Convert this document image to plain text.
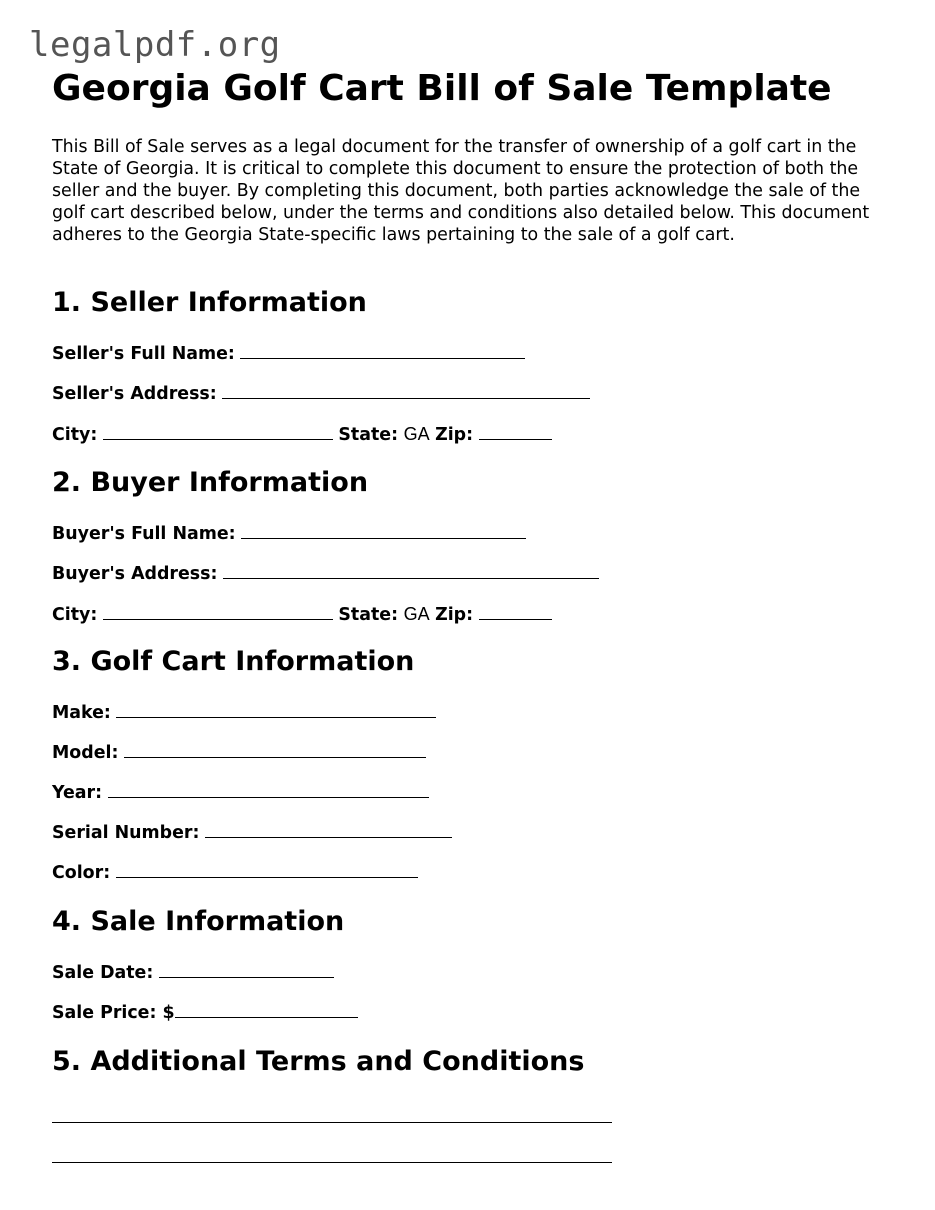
legalpdf.org
Georgia Golf Cart Bill of Sale Template

This Bill of Sale serves as a legal document for the transfer of ownership of a golf cart in the State of Georgia. It is critical to complete this document to ensure the protection of both the seller and the buyer. By completing this document, both parties acknowledge the sale of the golf cart described below, under the terms and conditions also detailed below. This document adheres to the Georgia State-specific laws pertaining to the sale of a golf cart.

1. Seller Information
Seller's Full Name:
Seller's Address:
City:	State: GA Zip:
2. Buyer Information
Buyer's Full Name:
Buyer's Address:
City:	State: GA Zip:
3. Golf Cart Information
Make:
Model:
Year:
Serial Number:
Color:
4. Sale Information
Sale Date:
Sale Price: $
5. Additional Terms and Conditions
